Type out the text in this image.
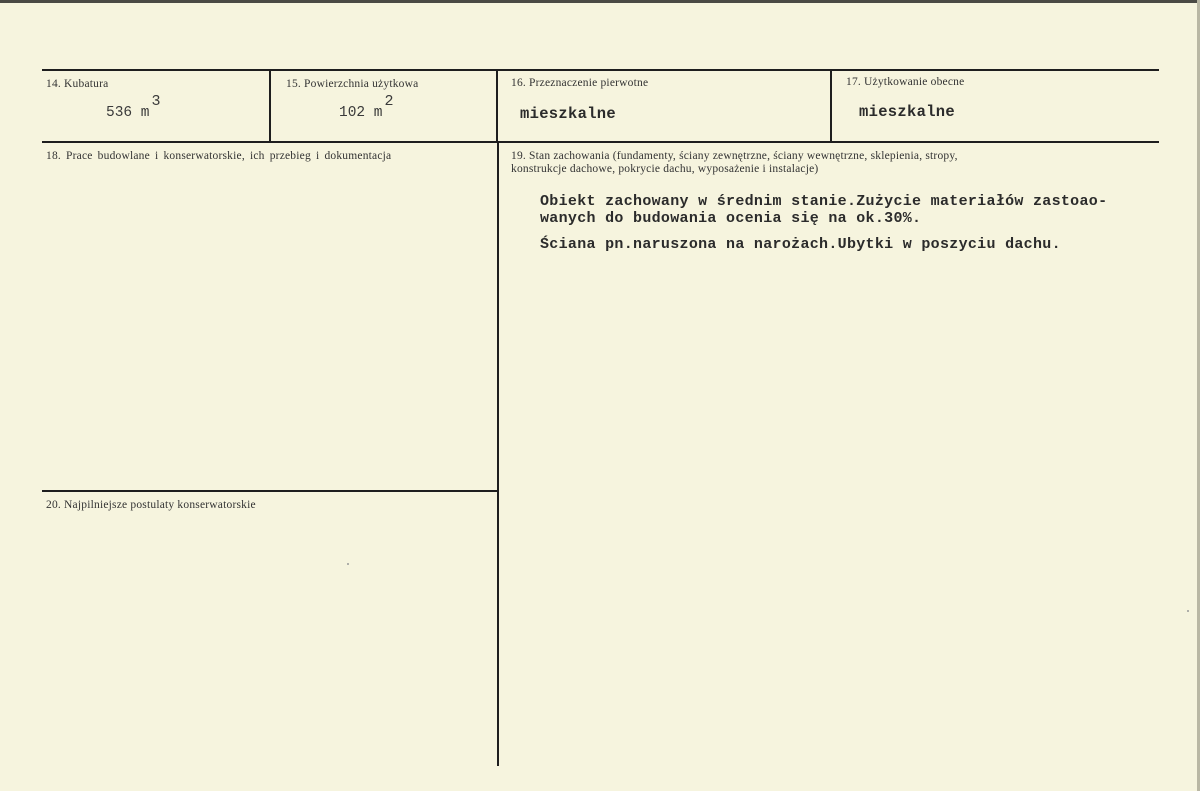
14. Kubatura
536 m3
15. Powierzchnia użytkowa
102 m2
16. Przeznaczenie pierwotne
mieszkalne
17. Użytkowanie obecne
mieszkalne
18. Prace budowlane i konserwatorskie, ich przebieg i dokumentacja	19. Stan zachowania (fundamenty, ściany zewnętrzne, ściany wewnętrzne, sklepienia, stropy,
konstrukcje dachowe, pokrycie dachu, wyposażenie i instalacje)
Obiekt zachowany w średnim stanie.Zużycie materiałów zastoao-
wanych do budowania ocenia się na ok.30%.
Ściana pn.naruszona na narożach.Ubytki w poszyciu dachu.
20. Najpilniejsze postulaty konserwatorskie
